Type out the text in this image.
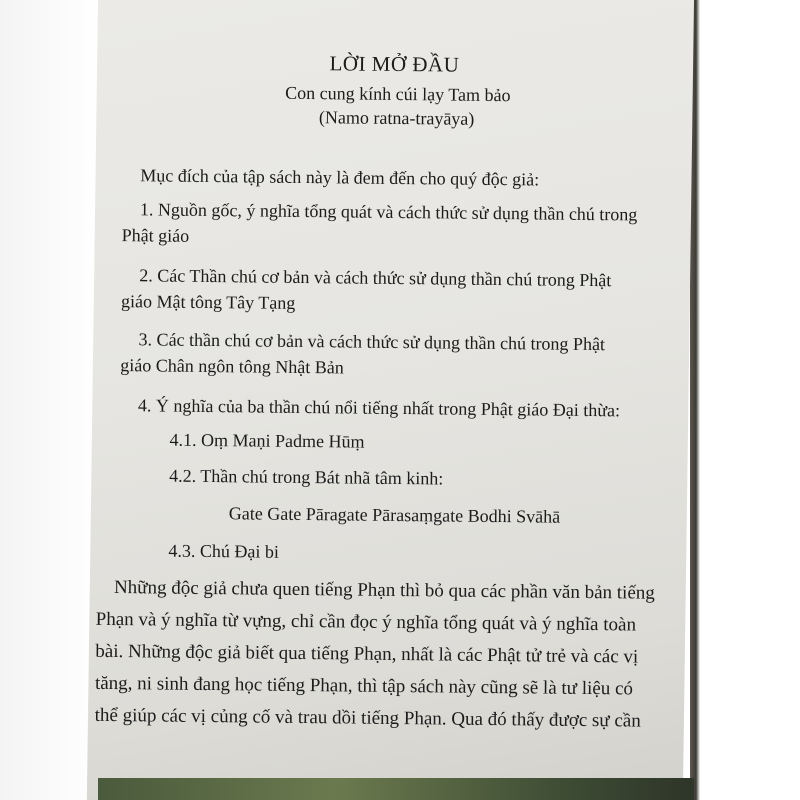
LỜI MỞ ĐẦU
Con cung kính cúi lạy Tam bảo
(Namo ratna-trayāya)
Mục đích của tập sách này là đem đến cho quý độc giả:
1. Nguồn gốc, ý nghĩa tổng quát và cách thức sử dụng thần chú trong
Phật giáo
2. Các Thần chú cơ bản và cách thức sử dụng thần chú trong Phật
giáo Mật tông Tây Tạng
3. Các thần chú cơ bản và cách thức sử dụng thần chú trong Phật
giáo Chân ngôn tông Nhật Bản
4. Ý nghĩa của ba thần chú nổi tiếng nhất trong Phật giáo Đại thừa:
4.1. Oṃ Maṇi Padme Hūṃ
4.2. Thần chú trong Bát nhã tâm kinh:
Gate Gate Pāragate Pārasaṃgate Bodhi Svāhā
4.3. Chú Đại bi
Những độc giả chưa quen tiếng Phạn thì bỏ qua các phần văn bản tiếng
Phạn và ý nghĩa từ vựng, chỉ cần đọc ý nghĩa tổng quát và ý nghĩa toàn
bài. Những độc giả biết qua tiếng Phạn, nhất là các Phật tử trẻ và các vị
tăng, ni sinh đang học tiếng Phạn, thì tập sách này cũng sẽ là tư liệu có
thể giúp các vị củng cố và trau dồi tiếng Phạn. Qua đó thấy được sự cần
